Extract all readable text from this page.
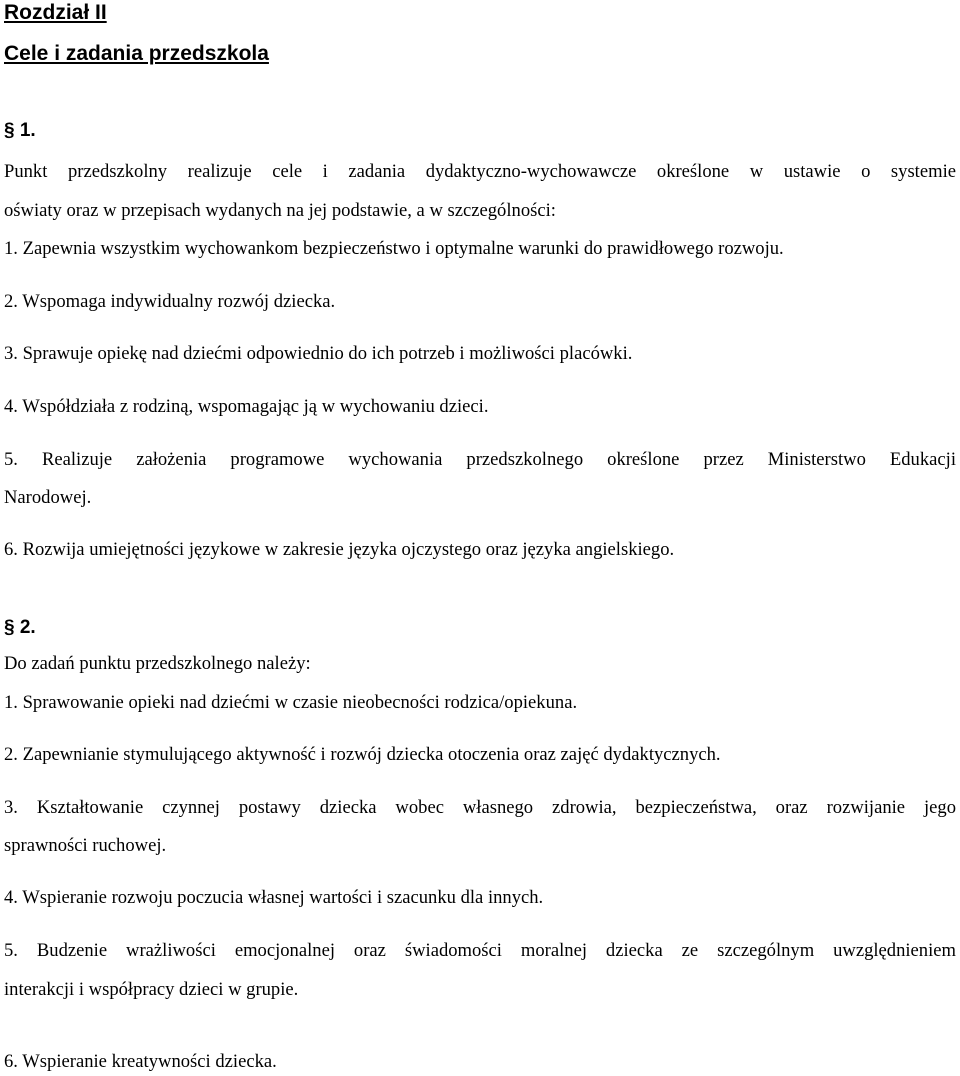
Rozdział II
Cele i zadania przedszkola
§ 1.
Punkt przedszkolny realizuje cele i zadania dydaktyczno-wychowawcze określone w ustawie o systemie
oświaty oraz w przepisach wydanych na jej podstawie, a w szczególności:
1. Zapewnia wszystkim wychowankom bezpieczeństwo i optymalne warunki do prawidłowego rozwoju.
2. Wspomaga indywidualny rozwój dziecka.
3. Sprawuje opiekę nad dziećmi odpowiednio do ich potrzeb i możliwości placówki.
4. Współdziała z rodziną, wspomagając ją w wychowaniu dzieci.
5. Realizuje założenia programowe wychowania przedszkolnego określone przez Ministerstwo Edukacji
Narodowej.
6. Rozwija umiejętności językowe w zakresie języka ojczystego oraz języka angielskiego.
§ 2.
Do zadań punktu przedszkolnego należy:
1. Sprawowanie opieki nad dziećmi w czasie nieobecności rodzica/opiekuna.
2. Zapewnianie stymulującego aktywność i rozwój dziecka otoczenia oraz zajęć dydaktycznych.
3. Kształtowanie czynnej postawy dziecka wobec własnego zdrowia, bezpieczeństwa, oraz rozwijanie jego
sprawności ruchowej.
4. Wspieranie rozwoju poczucia własnej wartości i szacunku dla innych.
5. Budzenie wrażliwości emocjonalnej oraz świadomości moralnej dziecka ze szczególnym uwzględnieniem
interakcji i współpracy dzieci w grupie.
6. Wspieranie kreatywności dziecka.
